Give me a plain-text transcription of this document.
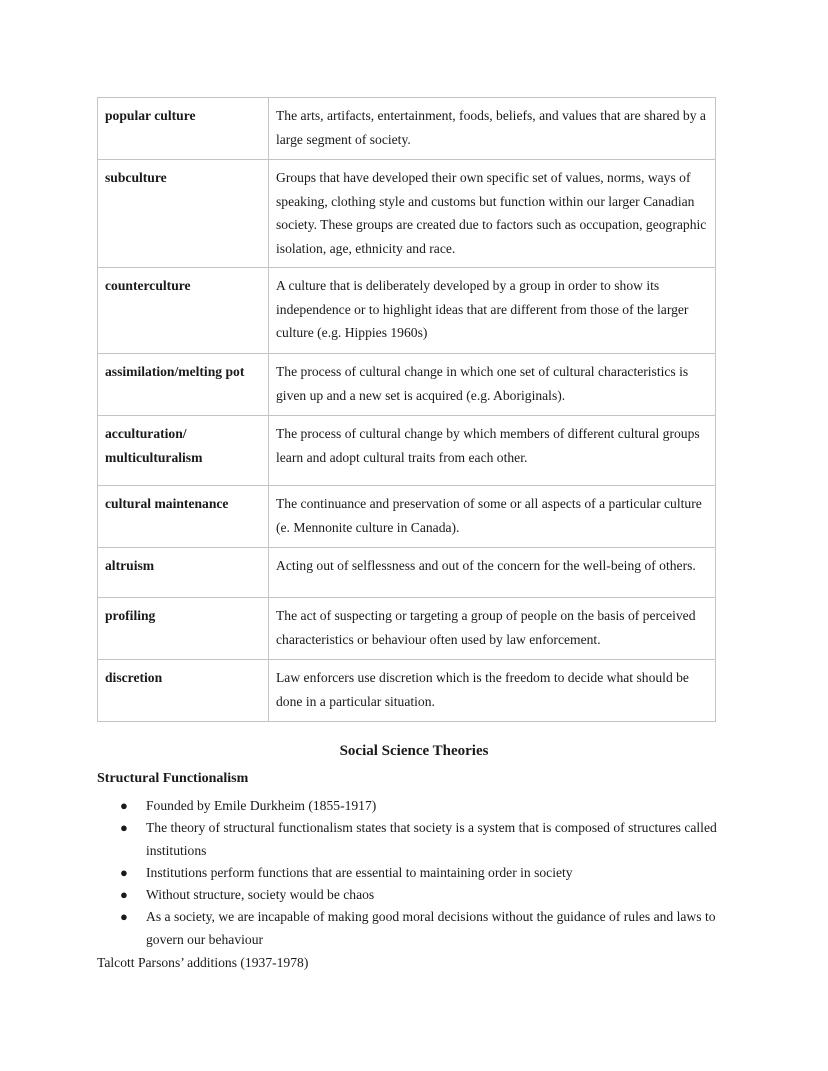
popular culture	The arts, artifacts, entertainment, foods, beliefs, and values that are shared by a large segment of society.

subculture	Groups that have developed their own specific set of values, norms, ways of speaking, clothing style and customs but function within our larger Canadian society. These groups are created due to factors such as occupation, geographic isolation, age, ethnicity and race.

counterculture	A culture that is deliberately developed by a group in order to show its independence or to highlight ideas that are different from those of the larger culture (e.g. Hippies 1960s)

assimilation/melting pot	The process of cultural change in which one set of cultural characteristics is given up and a new set is acquired (e.g. Aboriginals).

acculturation/
multiculturalism	The process of cultural change by which members of different cultural groups learn and adopt cultural traits from each other.

cultural maintenance	The continuance and preservation of some or all aspects of a particular culture (e. Mennonite culture in Canada).

altruism	Acting out of selflessness and out of the concern for the well-being of others.

profiling	The act of suspecting or targeting a group of people on the basis of perceived characteristics or behaviour often used by law enforcement.

discretion	Law enforcers use discretion which is the freedom to decide what should be done in a particular situation.
Social Science Theories
Structural Functionalism
● Founded by Emile Durkheim (1855-1917)
● The theory of structural functionalism states that society is a system that is composed of structures called institutions
● Institutions perform functions that are essential to maintaining order in society
● Without structure, society would be chaos
● As a society, we are incapable of making good moral decisions without the guidance of rules and laws to govern our behaviour

Talcott Parsons’ additions (1937-1978)
